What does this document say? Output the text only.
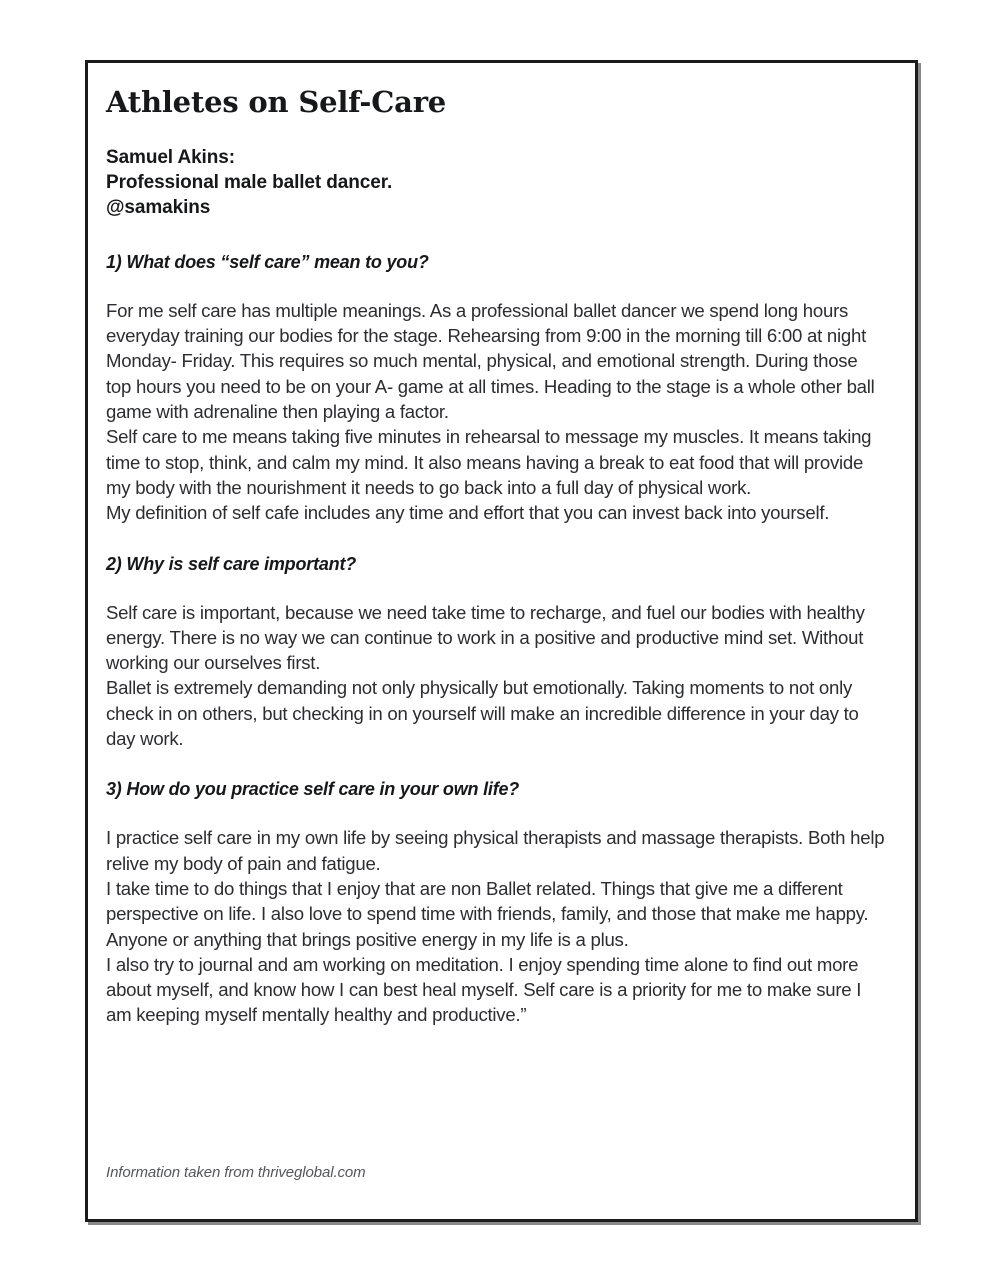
Athletes on Self-Care
Samuel Akins:
Professional male ballet dancer.
@samakins
1) What does “self care” mean to you?

For me self care has multiple meanings. As a professional ballet dancer we spend long hours everyday training our bodies for the stage. Rehearsing from 9:00 in the morning till 6:00 at night Monday- Friday. This requires so much mental, physical, and emotional strength. During those top hours you need to be on your A- game at all times. Heading to the stage is a whole other ball game with adrenaline then playing a factor.

Self care to me means taking five minutes in rehearsal to message my muscles. It means taking time to stop, think, and calm my mind. It also means having a break to eat food that will provide my body with the nourishment it needs to go back into a full day of physical work.

My definition of self cafe includes any time and effort that you can invest back into yourself.

2) Why is self care important?

Self care is important, because we need take time to recharge, and fuel our bodies with healthy energy. There is no way we can continue to work in a positive and productive mind set. Without working our ourselves first.

Ballet is extremely demanding not only physically but emotionally. Taking moments to not only check in on others, but checking in on yourself will make an incredible difference in your day to day work.

3) How do you practice self care in your own life?

I practice self care in my own life by seeing physical therapists and massage therapists. Both help relive my body of pain and fatigue.

I take time to do things that I enjoy that are non Ballet related. Things that give me a different perspective on life. I also love to spend time with friends, family, and those that make me happy. Anyone or anything that brings positive energy in my life is a plus.

I also try to journal and am working on meditation. I enjoy spending time alone to find out more about myself, and know how I can best heal myself. Self care is a priority for me to make sure I am keeping myself mentally healthy and productive.”

Information taken from thriveglobal.com
